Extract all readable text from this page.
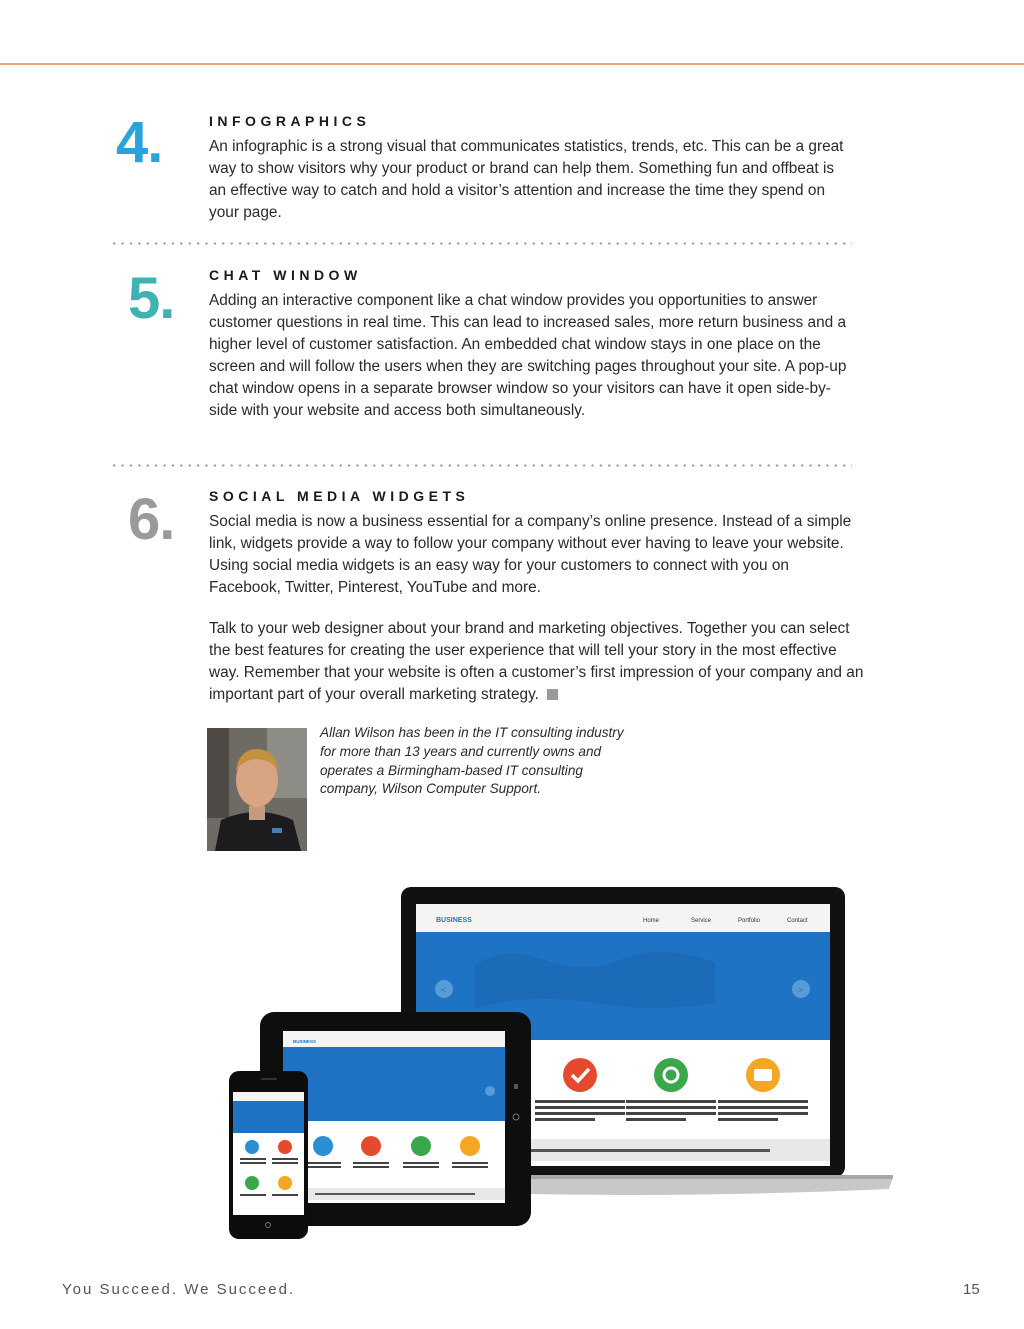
4.	INFOGRAPHICS
An infographic is a strong visual that communicates statistics, trends, etc. This can be a great way to show visitors why your product or brand can help them. Something fun and offbeat is an effective way to catch and hold a visitor’s attention and increase the time they spend on your page.
5. CHAT WINDOW
Adding an interactive component like a chat window provides you opportunities to answer customer questions in real time. This can lead to increased sales, more return business and a higher level of customer satisfaction. An embedded chat window stays in one place on the screen and will follow the users when they are switching pages throughout your site. A pop-up chat window opens in a separate browser window so your visitors can have it open side-by-side with your website and access both simultaneously.
6. SOCIAL MEDIA WIDGETS
Social media is now a business essential for a company’s online presence. Instead of a simple link, widgets provide a way to follow your company without ever having to leave your website. Using social media widgets is an easy way for your customers to connect with you on Facebook, Twitter, Pinterest, YouTube and more.
Talk to your web designer about your brand and marketing objectives. Together you can select the best features for creating the user experience that will tell your story in the most effective way. Remember that your website is often a customer’s first impression of your company and an important part of your overall marketing strategy.
Allan Wilson has been in the IT consulting industry for more than 13 years and currently owns and operates a Birmingham-based IT consulting company, Wilson Computer Support.
BUSINESS	Home	Service	Portfolio	Contact
<	>
BUSINESS
You Succeed. We Succeed.	15
